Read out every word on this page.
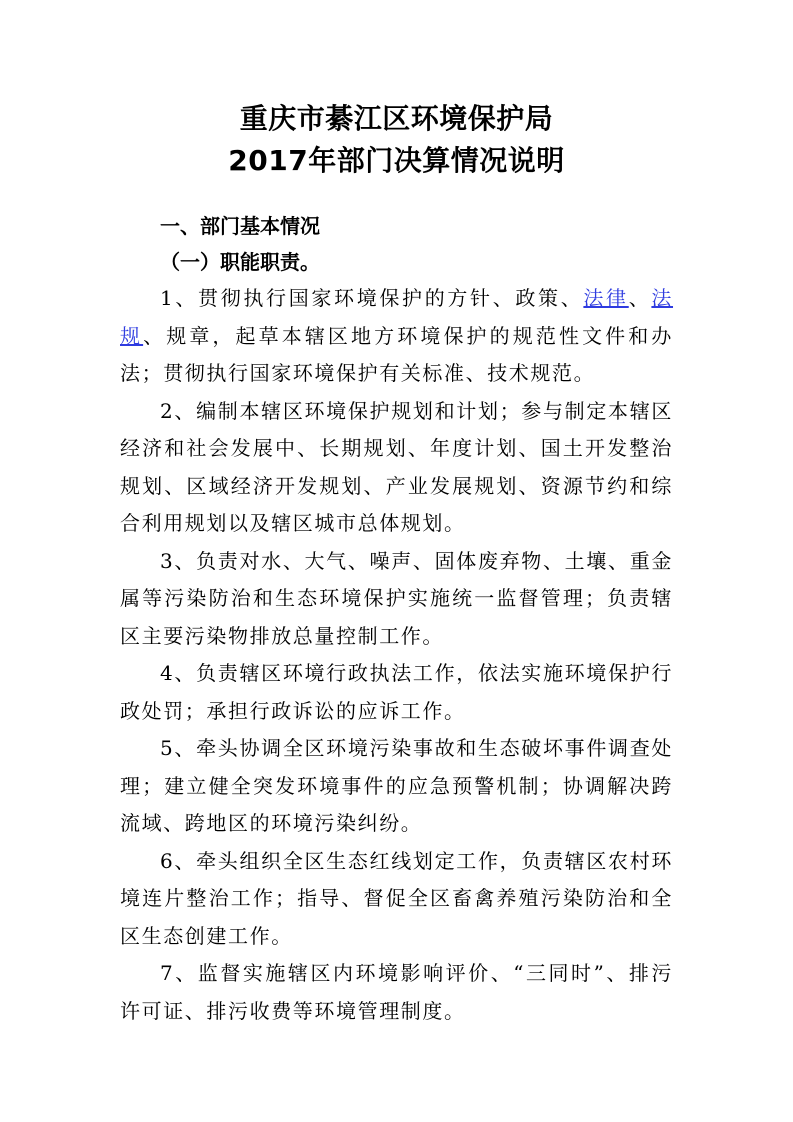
重庆市綦江区环境保护局
2017年部门决算情况说明

一、部门基本情况

（一）职能职责。

1、贯彻执行国家环境保护的方针、政策、法律、法规、规章，起草本辖区地方环境保护的规范性文件和办法；贯彻执行国家环境保护有关标准、技术规范。

2、编制本辖区环境保护规划和计划；参与制定本辖区经济和社会发展中、长期规划、年度计划、国土开发整治规划、区域经济开发规划、产业发展规划、资源节约和综合利用规划以及辖区城市总体规划。

3、负责对水、大气、噪声、固体废弃物、土壤、重金属等污染防治和生态环境保护实施统一监督管理；负责辖区主要污染物排放总量控制工作。

4、负责辖区环境行政执法工作，依法实施环境保护行政处罚；承担行政诉讼的应诉工作。

5、牵头协调全区环境污染事故和生态破坏事件调查处理；建立健全突发环境事件的应急预警机制；协调解决跨流域、跨地区的环境污染纠纷。

6、牵头组织全区生态红线划定工作，负责辖区农村环境连片整治工作；指导、督促全区畜禽养殖污染防治和全区生态创建工作。

7、监督实施辖区内环境影响评价、“三同时”、排污许可证、排污收费等环境管理制度。
